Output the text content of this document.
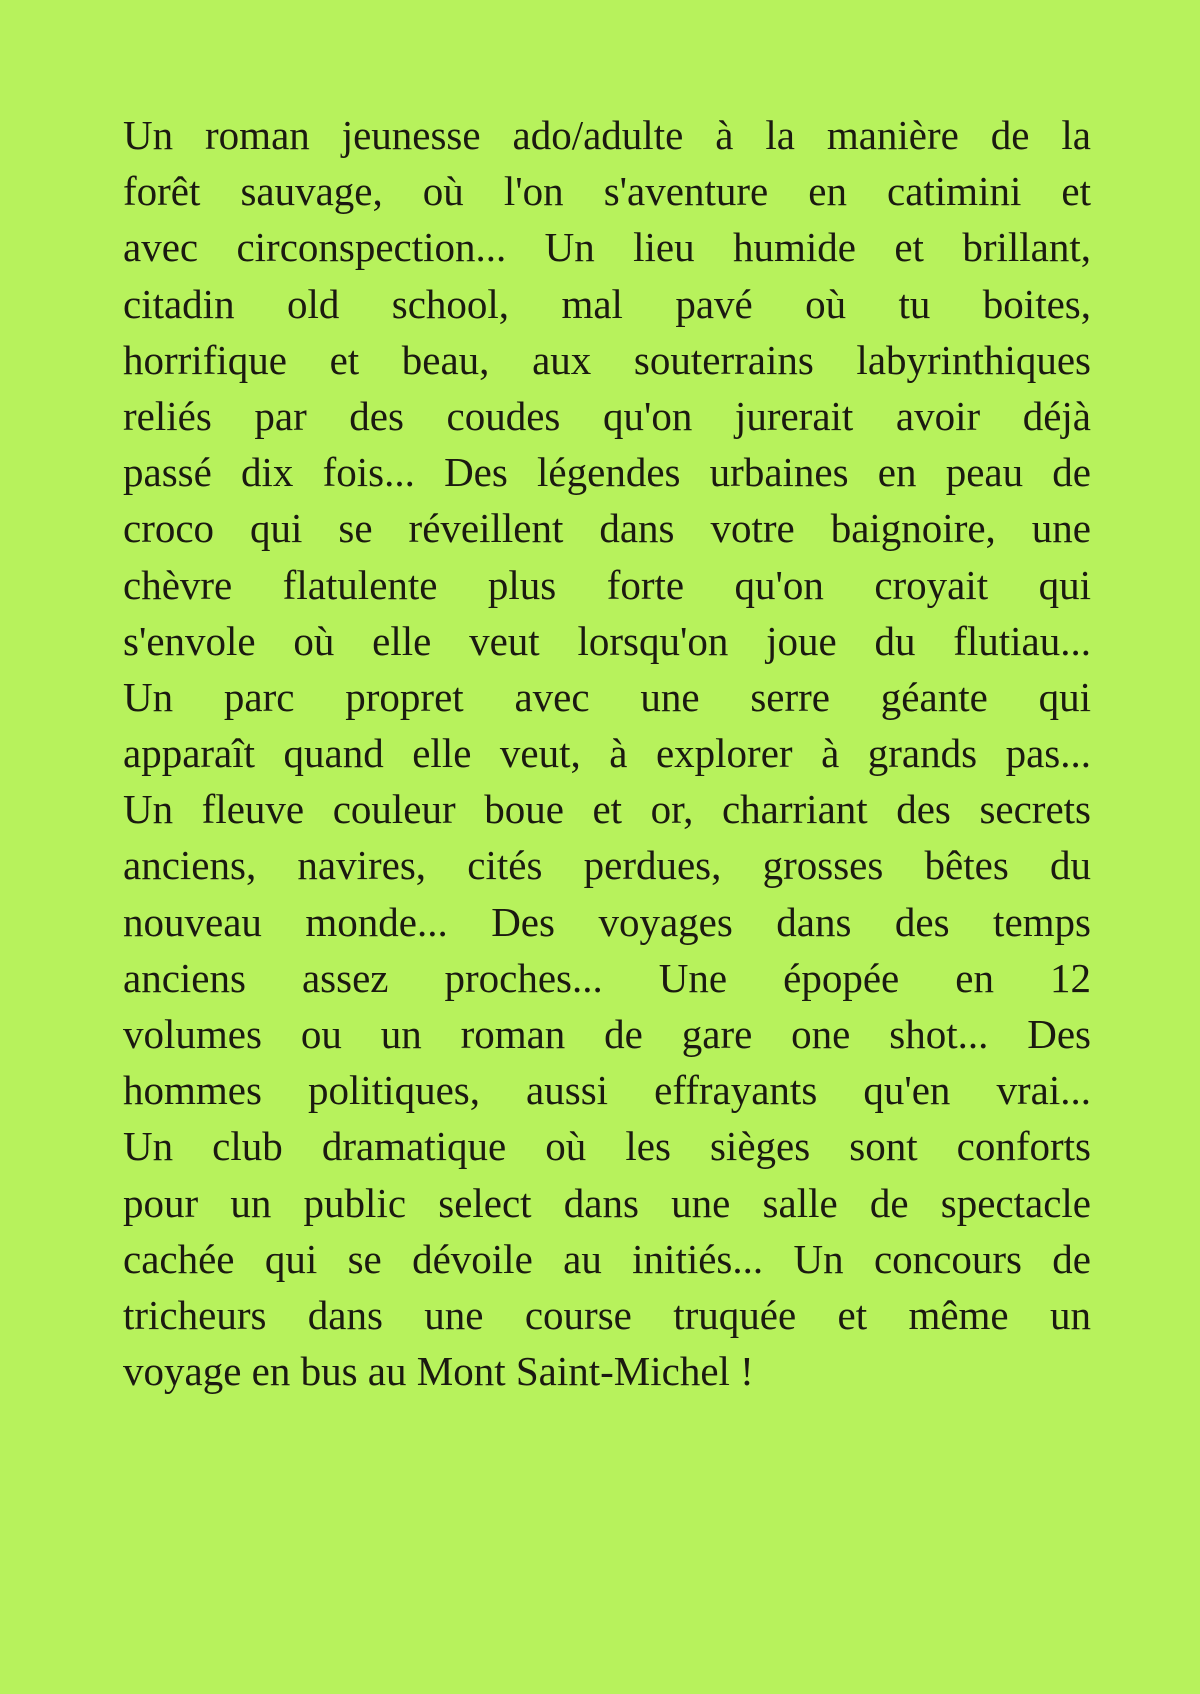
Un roman jeunesse ado/adulte à la manière de la
forêt sauvage, où l'on s'aventure en catimini et
avec circonspection... Un lieu humide et brillant,
citadin old school, mal pavé où tu boites,
horrifique et beau, aux souterrains labyrinthiques
reliés par des coudes qu'on jurerait avoir déjà
passé dix fois... Des légendes urbaines en peau de
croco qui se réveillent dans votre baignoire, une
chèvre flatulente plus forte qu'on croyait qui
s'envole où elle veut lorsqu'on joue du flutiau...
Un parc propret avec une serre géante qui
apparaît quand elle veut, à explorer à grands pas...
Un fleuve couleur boue et or, charriant des secrets
anciens, navires, cités perdues, grosses bêtes du
nouveau monde... Des voyages dans des temps
anciens assez proches... Une épopée en 12
volumes ou un roman de gare one shot... Des
hommes politiques, aussi effrayants qu'en vrai...
Un club dramatique où les sièges sont conforts
pour un public select dans une salle de spectacle
cachée qui se dévoile au initiés... Un concours de
tricheurs dans une course truquée et même un
voyage en bus au Mont Saint-Michel !
